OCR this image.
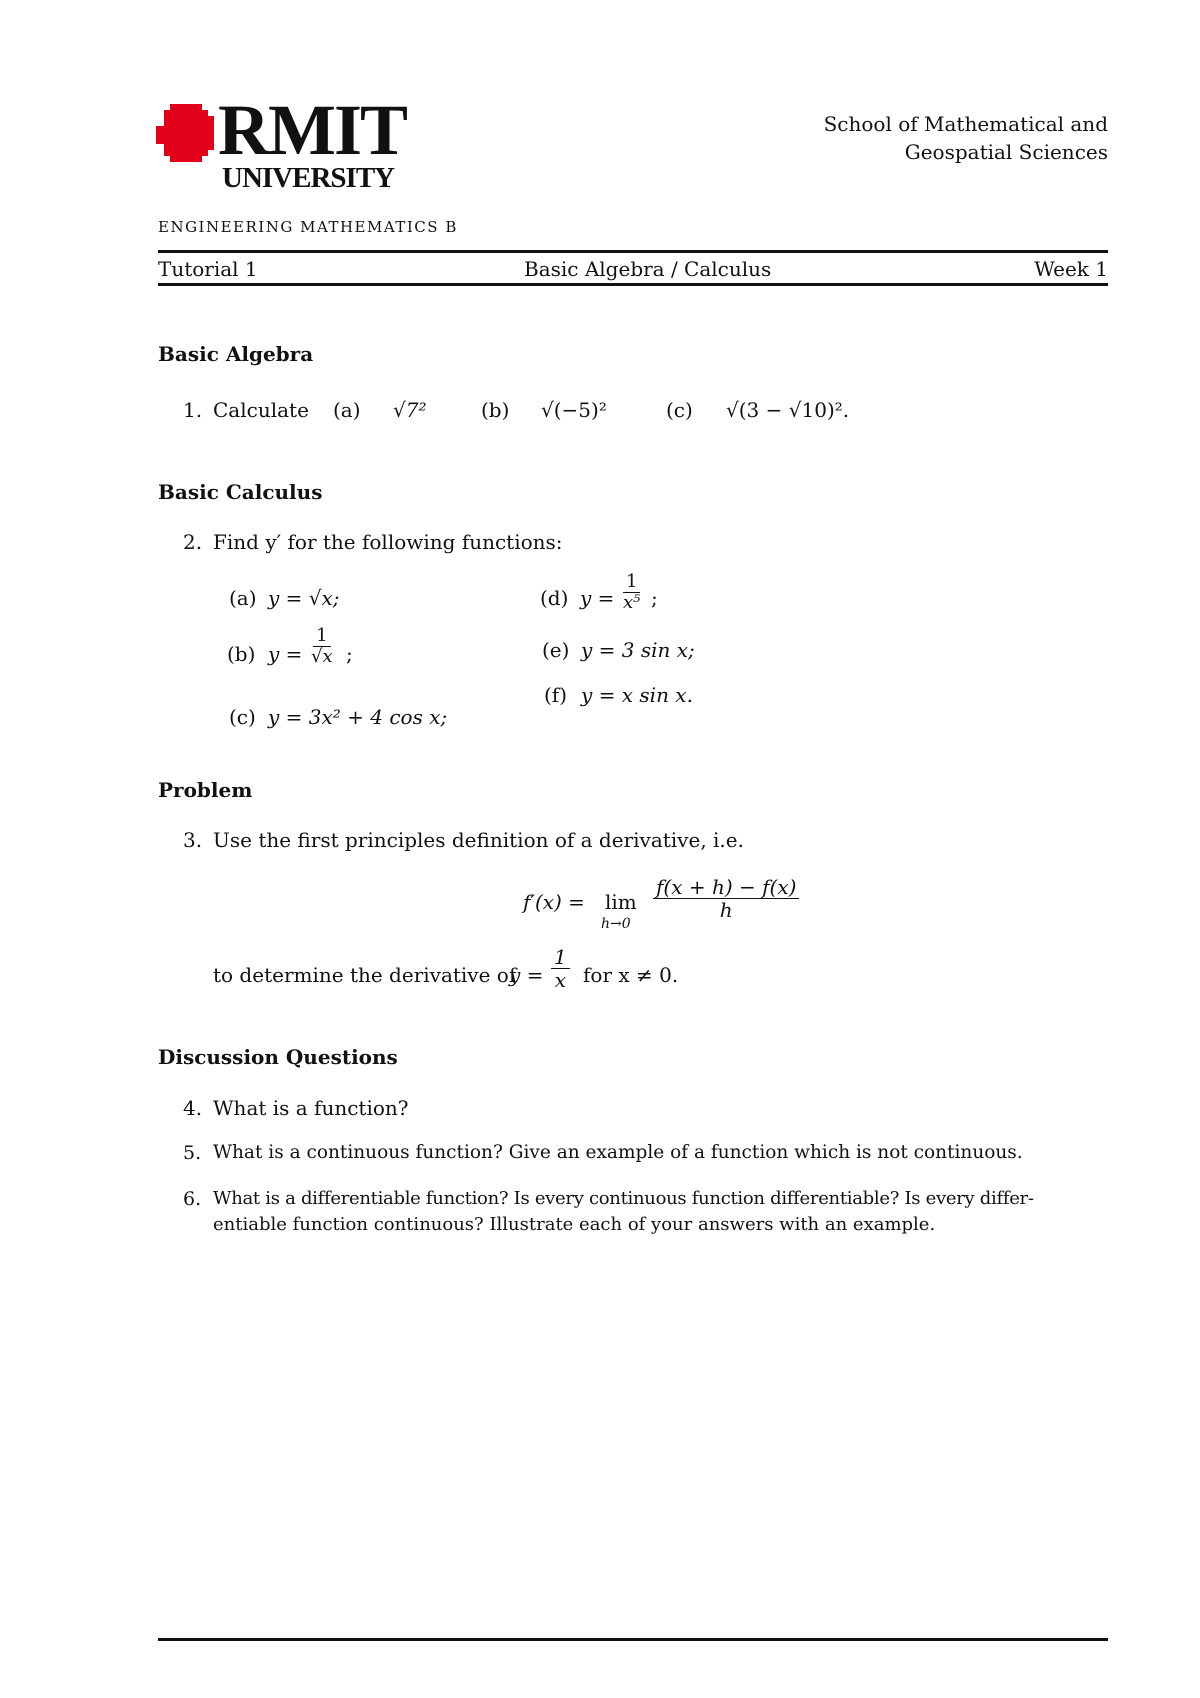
RMIT
UNIVERSITY
School of Mathematical and
Geospatial Sciences
ENGINEERING MATHEMATICS B
Tutorial 1	Basic Algebra / Calculus	Week 1
Basic Algebra
1. Calculate (a) √7²	(b) √(−5)²	(c) √(3 − √10)².
Basic Calculus
2. Find y′ for the following functions:
(a) y = √x;
(b) $y = \frac{1}{√x}$ ;
(c) y = 3x² + 4 cos x;
(d) $y = \frac{1}{\text{x⁵}}$ ;
(e) y = 3 sin x;
(f) y = x sin x.
Problem
3. Use the first principles definition of a derivative, i.e.
f′(x) = lim
h→0
$\frac{f(x + h) - f(x)}{h}$
to determine the derivative of
$y = \frac{1}{x}$ for x ≠ 0.
Discussion Questions
4. What is a function?
5. What is a continuous function? Give an example of a function which is not continuous.
6. What is a differentiable function? Is every continuous function differentiable? Is every differ-
entiable function continuous? Illustrate each of your answers with an example.
